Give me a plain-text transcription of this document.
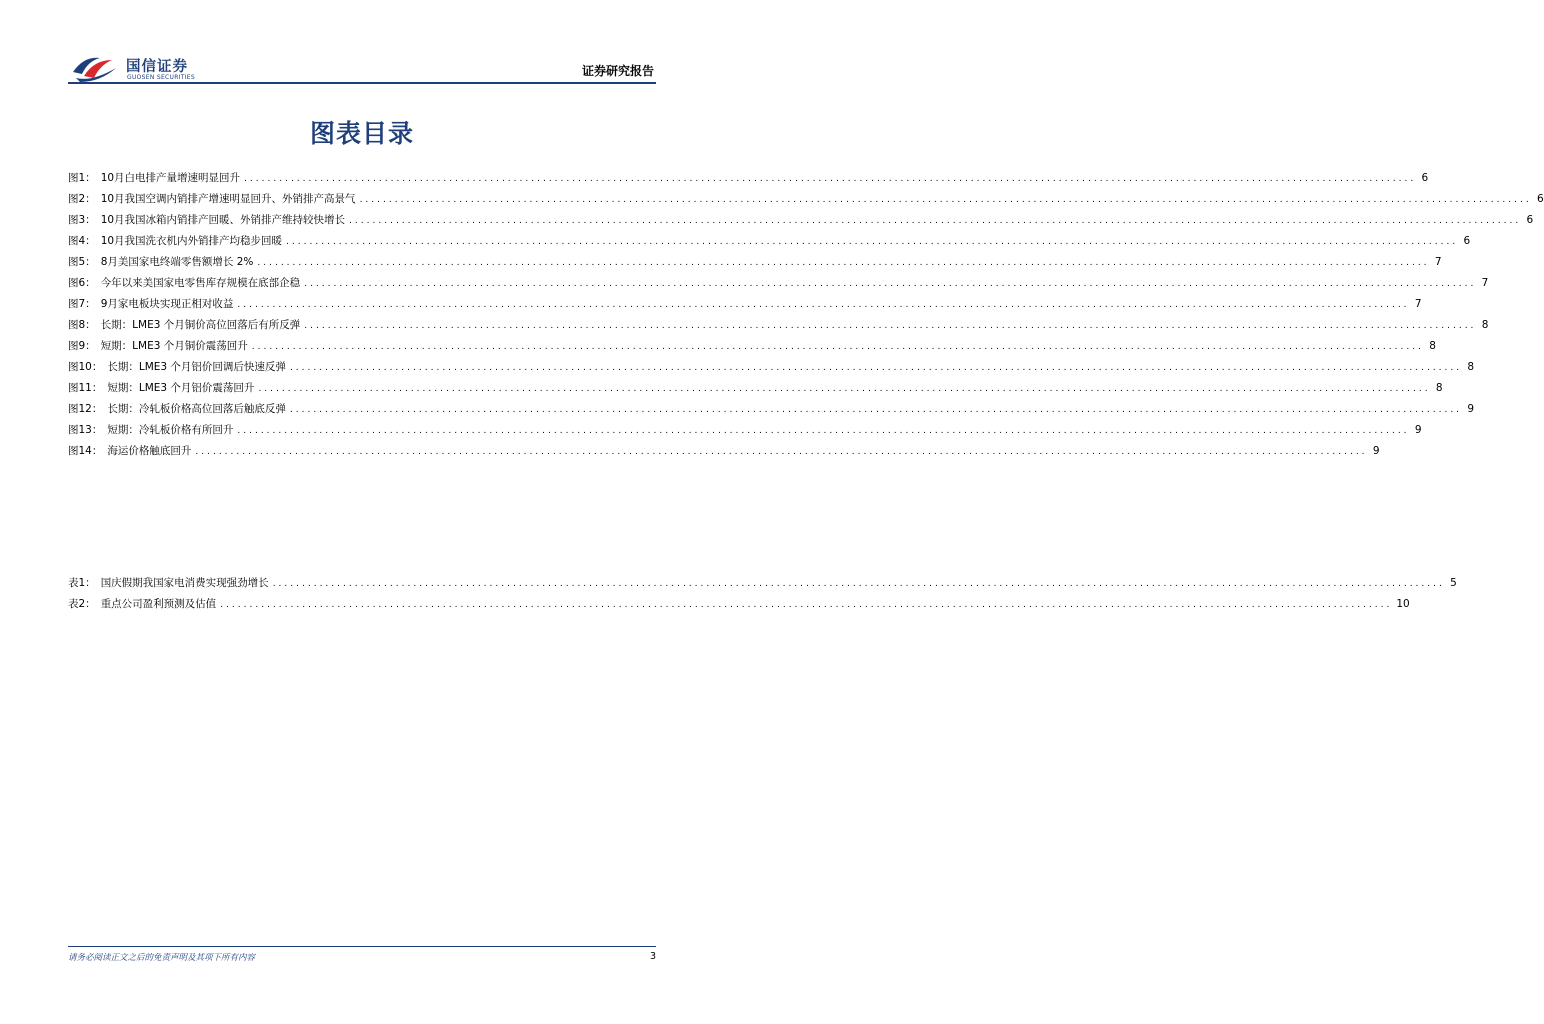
国信证券
GUOSEN SECURITIES	证券研究报告
图表目录
图1： 10月白电排产量增速明显回升 ........................................................................................................................................................................................................ 6
图2： 10月我国空调内销排产增速明显回升、外销排产高景气 ........................................................................................................................................................................................................ 6
图3： 10月我国冰箱内销排产回暖、外销排产维持较快增长 ........................................................................................................................................................................................................ 6
图4： 10月我国洗衣机内外销排产均稳步回暖 ........................................................................................................................................................................................................ 6
图5： 8月美国家电终端零售额增长 2% ........................................................................................................................................................................................................ 7
图6： 今年以来美国家电零售库存规模在底部企稳 ........................................................................................................................................................................................................ 7
图7： 9月家电板块实现正相对收益 ........................................................................................................................................................................................................ 7
图8： 长期：LME3 个月铜价高位回落后有所反弹 ........................................................................................................................................................................................................ 8
图9： 短期：LME3 个月铜价震荡回升 ........................................................................................................................................................................................................ 8
图10： 长期：LME3 个月铝价回调后快速反弹 ........................................................................................................................................................................................................ 8
图11： 短期：LME3 个月铝价震荡回升 ........................................................................................................................................................................................................ 8
图12： 长期：冷轧板价格高位回落后触底反弹 ........................................................................................................................................................................................................ 9
图13： 短期：冷轧板价格有所回升 ........................................................................................................................................................................................................ 9
图14： 海运价格触底回升 ........................................................................................................................................................................................................ 9
表1： 国庆假期我国家电消费实现强劲增长 ........................................................................................................................................................................................................ 5
表2： 重点公司盈利预测及估值 ........................................................................................................................................................................................................ 10
请务必阅读正文之后的免责声明及其项下所有内容	3
